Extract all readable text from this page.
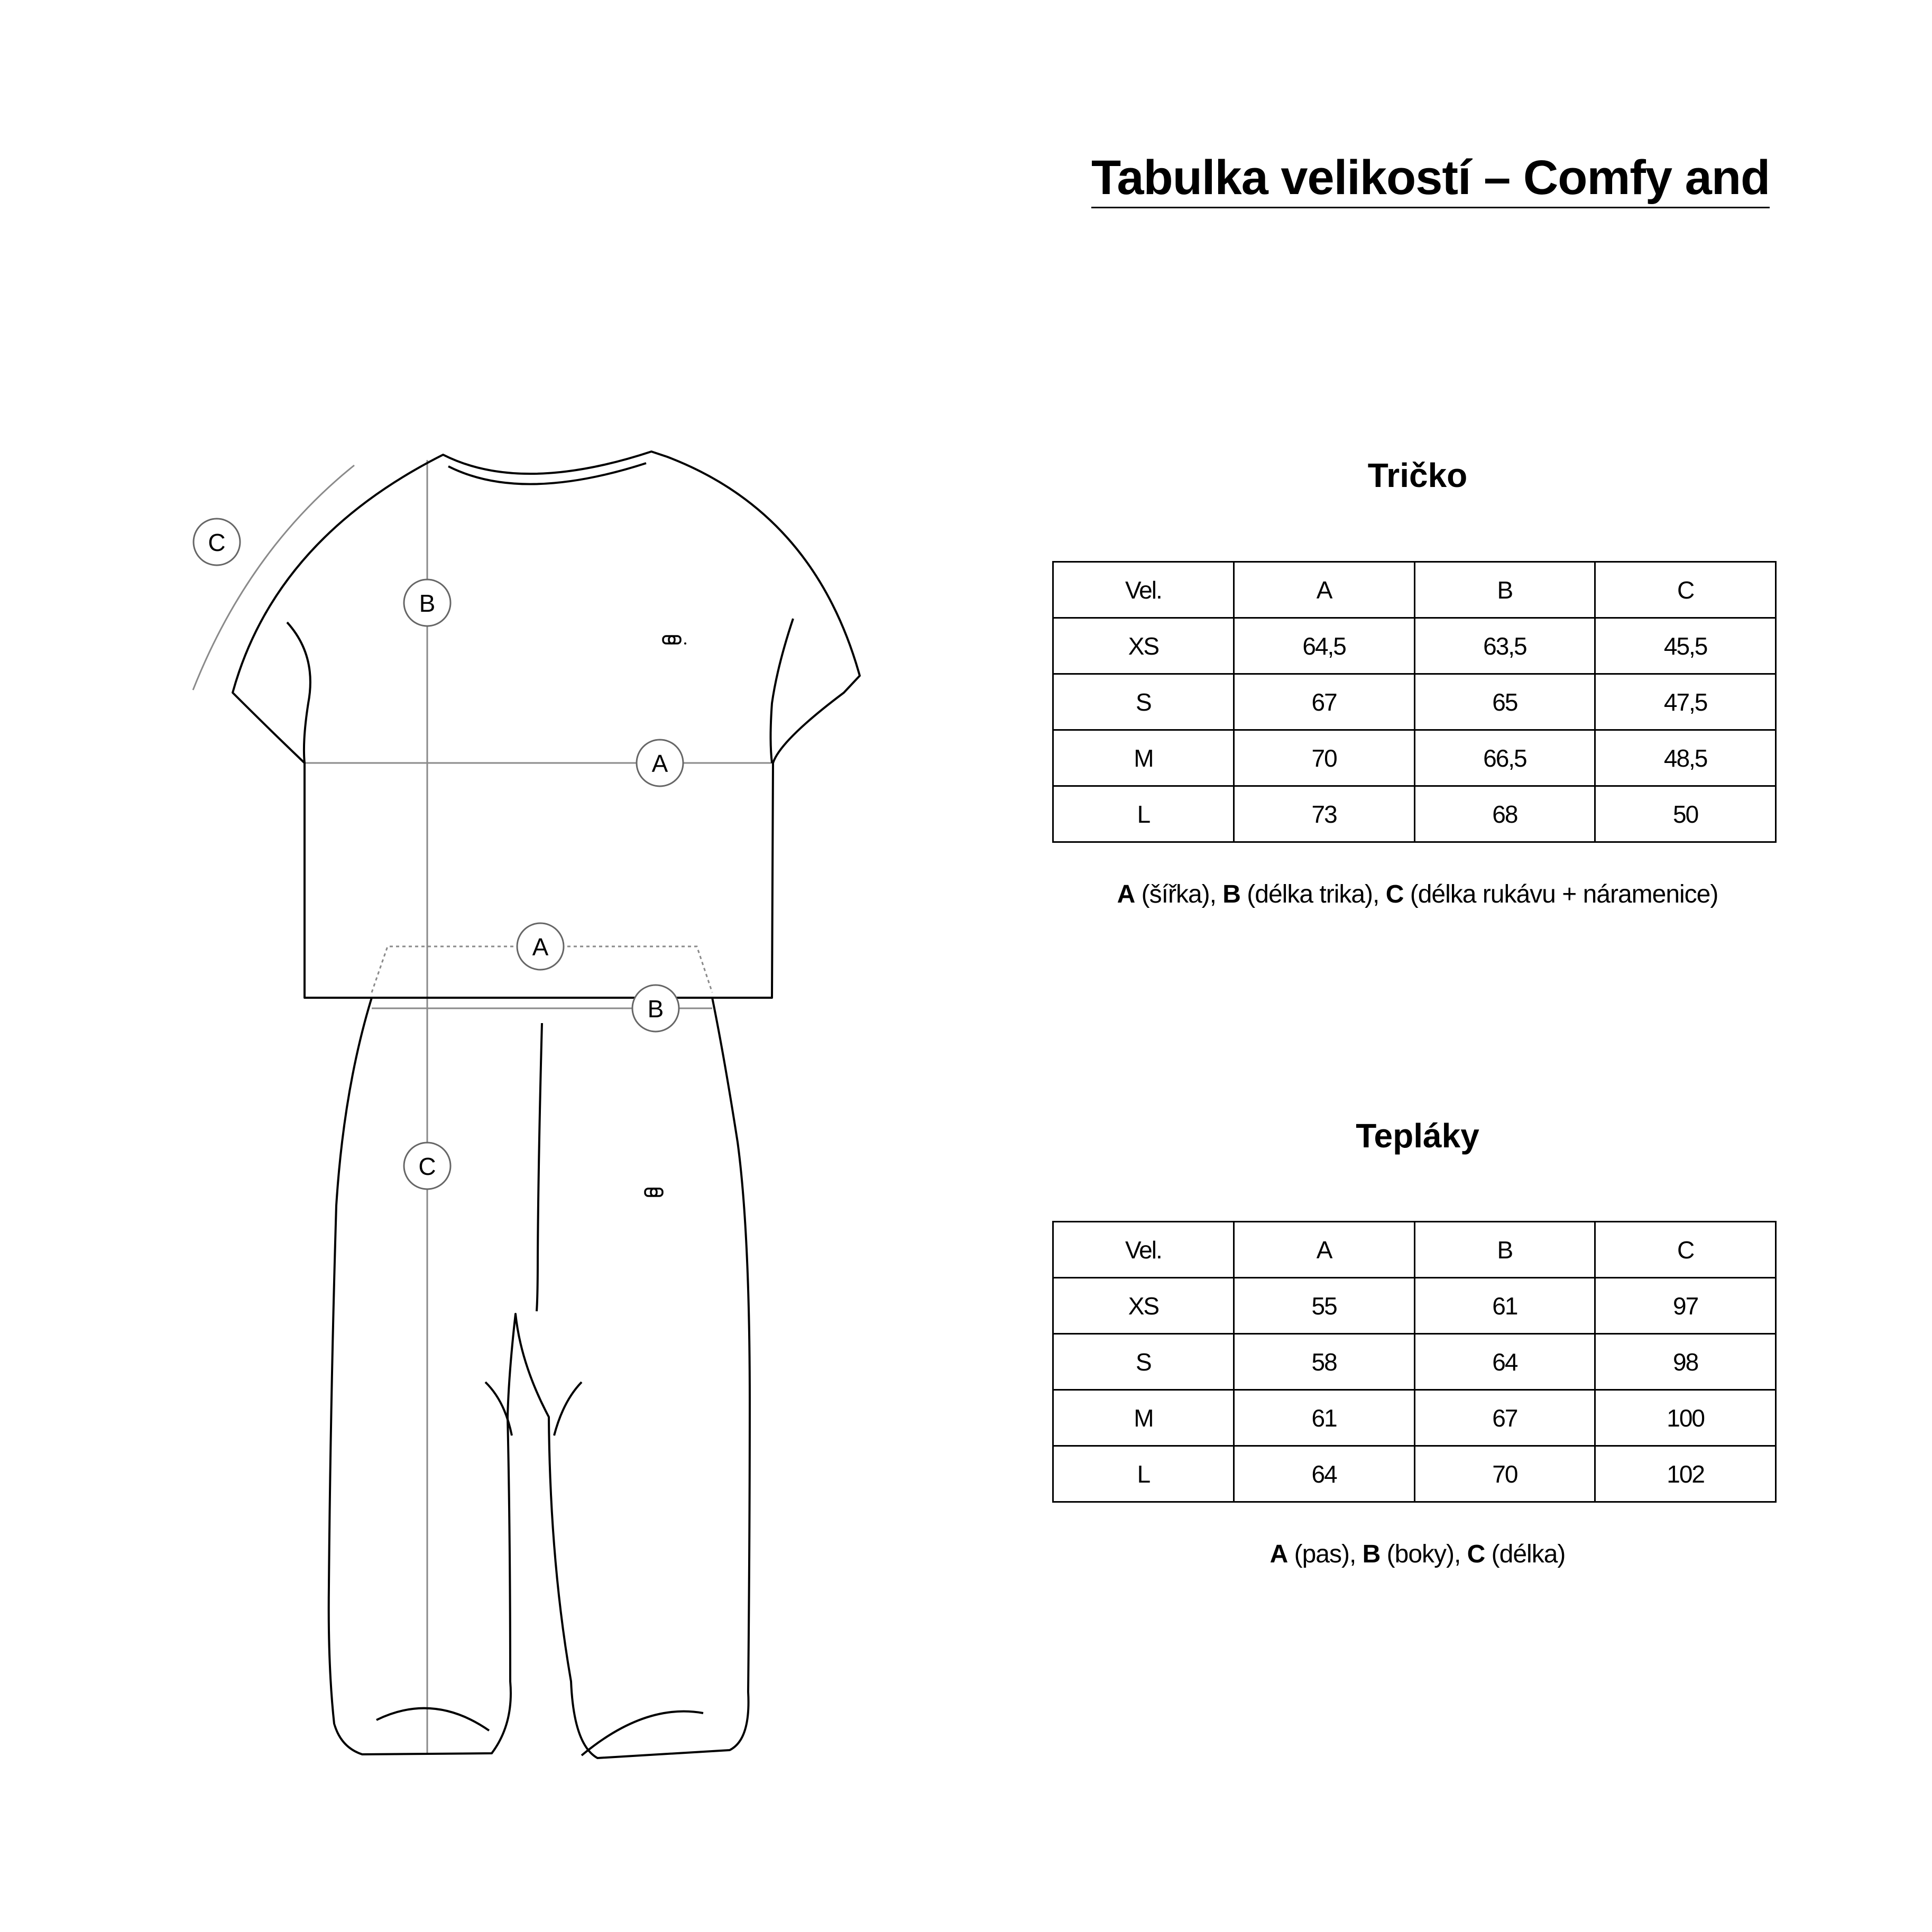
C
B
A
A
B
C
Tabulka velikostí – Comfy and
Tričko
Vel.	A	B	C
XS	64,5	63,5	45,5
S	67	65	47,5
M	70	66,5	48,5
L	73	68	50
A (šířka), B (délka trika), C (délka rukávu + náramenice)
Tepláky
Vel.	A	B	C
XS	55	61	97
S	58	64	98
M	61	67	100
L	64	70	102
A (pas), B (boky), C (délka)
